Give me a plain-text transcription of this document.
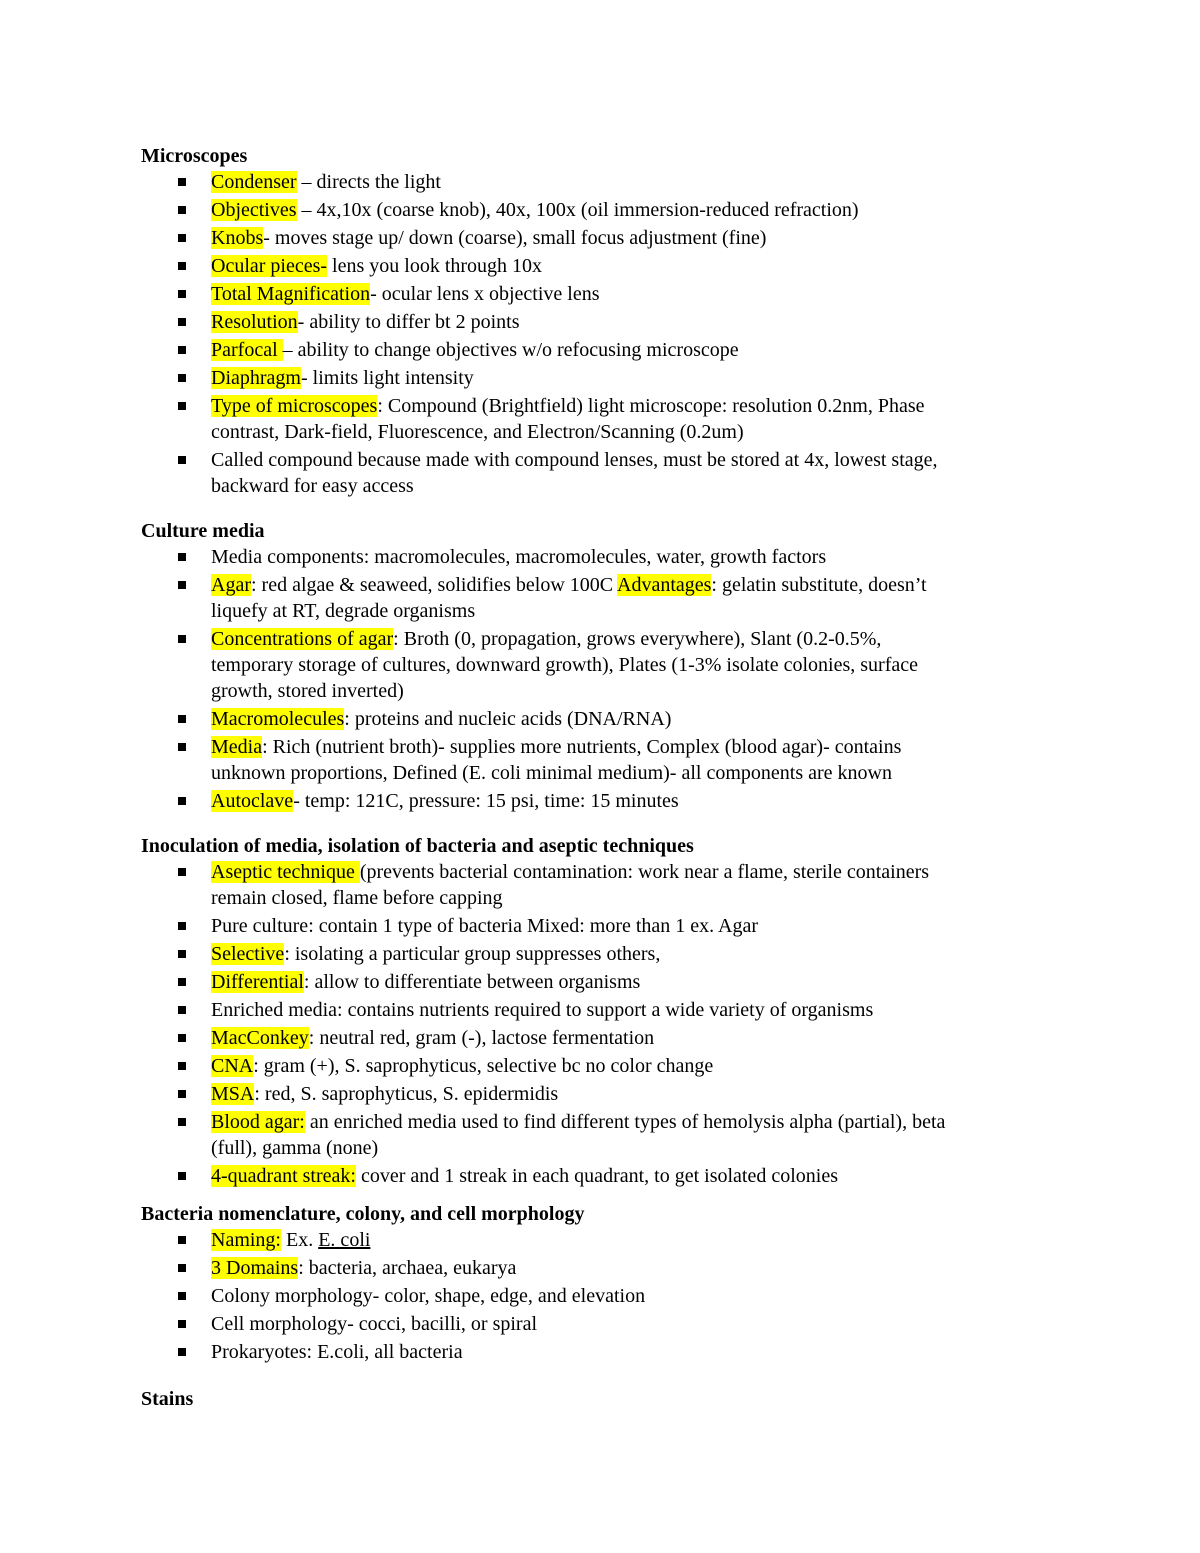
Microscopes
Condenser – directs the light
Objectives – 4x,10x (coarse knob), 40x, 100x (oil immersion-reduced refraction)
Knobs- moves stage up/ down (coarse), small focus adjustment (fine)
Ocular pieces- lens you look through 10x
Total Magnification- ocular lens x objective lens
Resolution- ability to differ bt 2 points
Parfocal – ability to change objectives w/o refocusing microscope
Diaphragm- limits light intensity
Type of microscopes: Compound (Brightfield) light microscope: resolution 0.2nm, Phase
contrast, Dark-field, Fluorescence, and Electron/Scanning (0.2um)
Called compound because made with compound lenses, must be stored at 4x, lowest stage,
backward for easy access
Culture media
Media components: macromolecules, macromolecules, water, growth factors
Agar: red algae & seaweed, solidifies below 100C Advantages: gelatin substitute, doesn’t
liquefy at RT, degrade organisms
Concentrations of agar: Broth (0, propagation, grows everywhere), Slant (0.2-0.5%,
temporary storage of cultures, downward growth), Plates (1-3% isolate colonies, surface
growth, stored inverted)
Macromolecules: proteins and nucleic acids (DNA/RNA)
Media: Rich (nutrient broth)- supplies more nutrients, Complex (blood agar)- contains
unknown proportions, Defined (E. coli minimal medium)- all components are known
Autoclave- temp: 121C, pressure: 15 psi, time: 15 minutes
Inoculation of media, isolation of bacteria and aseptic techniques
Aseptic technique (prevents bacterial contamination: work near a flame, sterile containers
remain closed, flame before capping
Pure culture: contain 1 type of bacteria Mixed: more than 1 ex. Agar
Selective: isolating a particular group suppresses others,
Differential: allow to differentiate between organisms
Enriched media: contains nutrients required to support a wide variety of organisms
MacConkey: neutral red, gram (-), lactose fermentation
CNA: gram (+), S. saprophyticus, selective bc no color change
MSA: red, S. saprophyticus, S. epidermidis
Blood agar: an enriched media used to find different types of hemolysis alpha (partial), beta
(full), gamma (none)
4-quadrant streak: cover and 1 streak in each quadrant, to get isolated colonies
Bacteria nomenclature, colony, and cell morphology
Naming: Ex. E. coli
3 Domains: bacteria, archaea, eukarya
Colony morphology- color, shape, edge, and elevation
Cell morphology- cocci, bacilli, or spiral
Prokaryotes: E.coli, all bacteria
Stains
